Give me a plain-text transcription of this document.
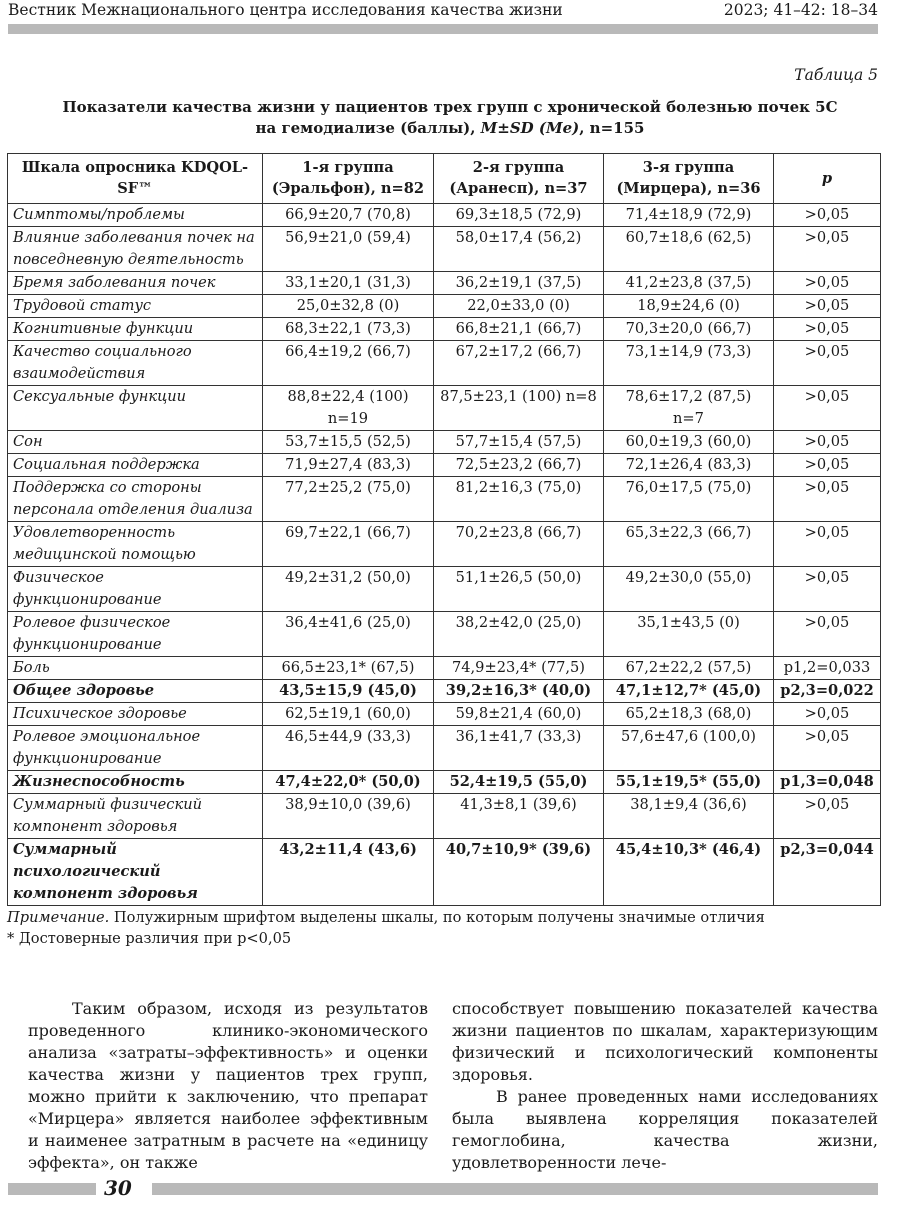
Вестник Межнационального центра исследования качества жизни	2023; 41–42: 18–34
Таблица 5
Показатели качества жизни у пациентов трех групп с хронической болезнью почек 5С
на гемодиализе (баллы), M±SD (Me), n=155
Шкала опросника KDQOL-SF™	1-я группа (Эральфон), n=82	2-я группа (Аранесп), n=37	3-я группа (Мирцера), n=36	p
Симптомы/проблемы	66,9±20,7 (70,8)	69,3±18,5 (72,9)	71,4±18,9 (72,9)	>0,05
Влияние заболевания почек на повседневную деятельность	56,9±21,0 (59,4)	58,0±17,4 (56,2)	60,7±18,6 (62,5)	>0,05
Бремя заболевания почек	33,1±20,1 (31,3)	36,2±19,1 (37,5)	41,2±23,8 (37,5)	>0,05
Трудовой статус	25,0±32,8 (0)	22,0±33,0 (0)	18,9±24,6 (0)	>0,05
Когнитивные функции	68,3±22,1 (73,3)	66,8±21,1 (66,7)	70,3±20,0 (66,7)	>0,05
Качество социального взаимодействия	66,4±19,2 (66,7)	67,2±17,2 (66,7)	73,1±14,9 (73,3)	>0,05
Сексуальные функции	88,8±22,4 (100) n=19	87,5±23,1 (100) n=8	78,6±17,2 (87,5) n=7	>0,05
Сон	53,7±15,5 (52,5)	57,7±15,4 (57,5)	60,0±19,3 (60,0)	>0,05
Социальная поддержка	71,9±27,4 (83,3)	72,5±23,2 (66,7)	72,1±26,4 (83,3)	>0,05
Поддержка со стороны персонала отделения диализа	77,2±25,2 (75,0)	81,2±16,3 (75,0)	76,0±17,5 (75,0)	>0,05
Удовлетворенность медицинской помощью	69,7±22,1 (66,7)	70,2±23,8 (66,7)	65,3±22,3 (66,7)	>0,05
Физическое функционирование	49,2±31,2 (50,0)	51,1±26,5 (50,0)	49,2±30,0 (55,0)	>0,05
Ролевое физическое функционирование	36,4±41,6 (25,0)	38,2±42,0 (25,0)	35,1±43,5 (0)	>0,05
Боль	66,5±23,1* (67,5)	74,9±23,4* (77,5)	67,2±22,2 (57,5)	p1,2=0,033
Общее здоровье	43,5±15,9 (45,0)	39,2±16,3* (40,0)	47,1±12,7* (45,0)	p2,3=0,022
Психическое здоровье	62,5±19,1 (60,0)	59,8±21,4 (60,0)	65,2±18,3 (68,0)	>0,05
Ролевое эмоциональное функционирование	46,5±44,9 (33,3)	36,1±41,7 (33,3)	57,6±47,6 (100,0)	>0,05
Жизнеспособность	47,4±22,0* (50,0)	52,4±19,5 (55,0)	55,1±19,5* (55,0)	p1,3=0,048
Суммарный физический компонент здоровья	38,9±10,0 (39,6)	41,3±8,1 (39,6)	38,1±9,4 (36,6)	>0,05
Суммарный психологический компонент здоровья	43,2±11,4 (43,6)	40,7±10,9* (39,6)	45,4±10,3* (46,4)	p2,3=0,044
Примечание. Полужирным шрифтом выделены шкалы, по которым получены значимые отличия
* Достоверные различия при p<0,05

Таким образом, исходя из результатов проведенного клинико-экономического анализа «затраты–эффективность» и оценки качества жизни у пациентов трех групп, можно прийти к заключению, что препарат «Мирцера» является наиболее эффективным и наименее затратным в расчете на «единицу эффекта», он также

способствует повышению показателей качества жизни пациентов по шкалам, характеризующим физический и психологический компоненты здоровья.

В ранее проведенных нами исследованиях была выявлена корреляция показателей гемоглобина, качества жизни, удовлетворенности лече-

30
